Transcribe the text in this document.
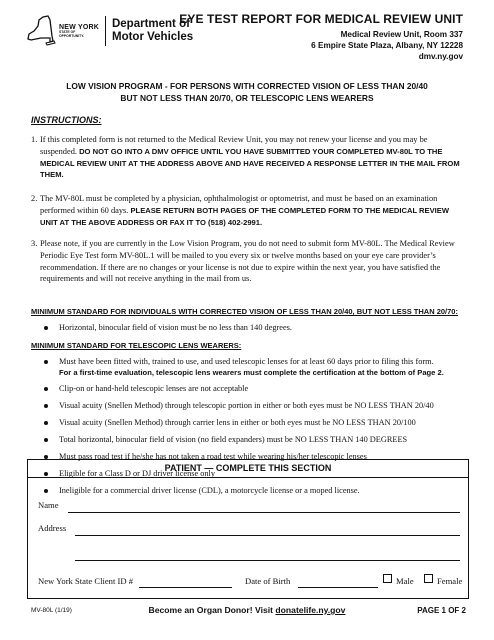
NEW YORK
STATE OF
OPPORTUNITY.
Department of
Motor Vehicles
EYE TEST REPORT FOR MEDICAL REVIEW UNIT
Medical Review Unit, Room 337
6 Empire State Plaza, Albany, NY 12228
dmv.ny.gov
LOW VISION PROGRAM - FOR PERSONS WITH CORRECTED VISION OF LESS THAN 20/40
BUT NOT LESS THAN 20/70, OR TELESCOPIC LENS WEARERS
INSTRUCTIONS:
1. If this completed form is not returned to the Medical Review Unit, you may not renew your license and you may be suspended. DO NOT GO INTO A DMV OFFICE UNTIL YOU HAVE SUBMITTED YOUR COMPLETED MV-80L TO THE MEDICAL REVIEW UNIT AT THE ADDRESS ABOVE AND HAVE RECEIVED A RESPONSE LETTER IN THE MAIL FROM THEM.
2. The MV-80L must be completed by a physician, ophthalmologist or optometrist, and must be based on an examination performed within 60 days. PLEASE RETURN BOTH PAGES OF THE COMPLETED FORM TO THE MEDICAL REVIEW UNIT AT THE ABOVE ADDRESS OR FAX IT TO (518) 402-2991.
3. Please note, if you are currently in the Low Vision Program, you do not need to submit form MV-80L. The Medical Review Periodic Eye Test form MV-80L.1 will be mailed to you every six or twelve months based on your eye care provider’s recommendation. If there are no changes or your license is not due to expire within the next year, you have satisfied the requirements and will not receive anything in the mail from us.
MINIMUM STANDARD FOR INDIVIDUALS WITH CORRECTED VISION OF LESS THAN 20/40, BUT NOT LESS THAN 20/70:
Horizontal, binocular field of vision must be no less than 140 degrees.
MINIMUM STANDARD FOR TELESCOPIC LENS WEARERS:
Must have been fitted with, trained to use, and used telescopic lenses for at least 60 days prior to filing this form.
For a first-time evaluation, telescopic lens wearers must complete the certification at the bottom of Page 2.
Clip-on or hand-held telescopic lenses are not acceptable
Visual acuity (Snellen Method) through telescopic portion in either or both eyes must be NO LESS THAN 20/40
Visual acuity (Snellen Method) through carrier lens in either or both eyes must be NO LESS THAN 20/100
Total horizontal, binocular field of vision (no field expanders) must be NO LESS THAN 140 DEGREES
Must pass road test if he/she has not taken a road test while wearing his/her telescopic lenses
Eligible for a Class D or DJ driver license only
Ineligible for a commercial driver license (CDL), a motorcycle license or a moped license.
PATIENT — COMPLETE THIS SECTION
Name
Address
New York State Client ID #	Date of Birth	Male	Female
MV-80L (1/19)	Become an Organ Donor! Visit donatelife.ny.gov	PAGE 1 OF 2
